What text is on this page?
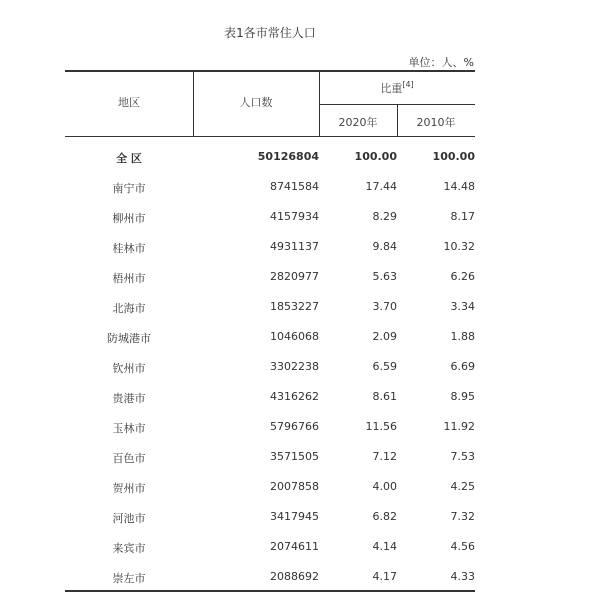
表1各市常住人口
单位：人、%
地区	人口数
比重[4]
2020年	2010年
全 区	50126804	100.00	100.00
南宁市	8741584	17.44	14.48
柳州市	4157934	8.29	8.17
桂林市	4931137	9.84	10.32
梧州市	2820977	5.63	6.26
北海市	1853227	3.70	3.34
防城港市	1046068	2.09	1.88
钦州市	3302238	6.59	6.69
贵港市	4316262	8.61	8.95
玉林市	5796766	11.56	11.92
百色市	3571505	7.12	7.53
贺州市	2007858	4.00	4.25
河池市	3417945	6.82	7.32
来宾市	2074611	4.14	4.56
崇左市	2088692	4.17	4.33
